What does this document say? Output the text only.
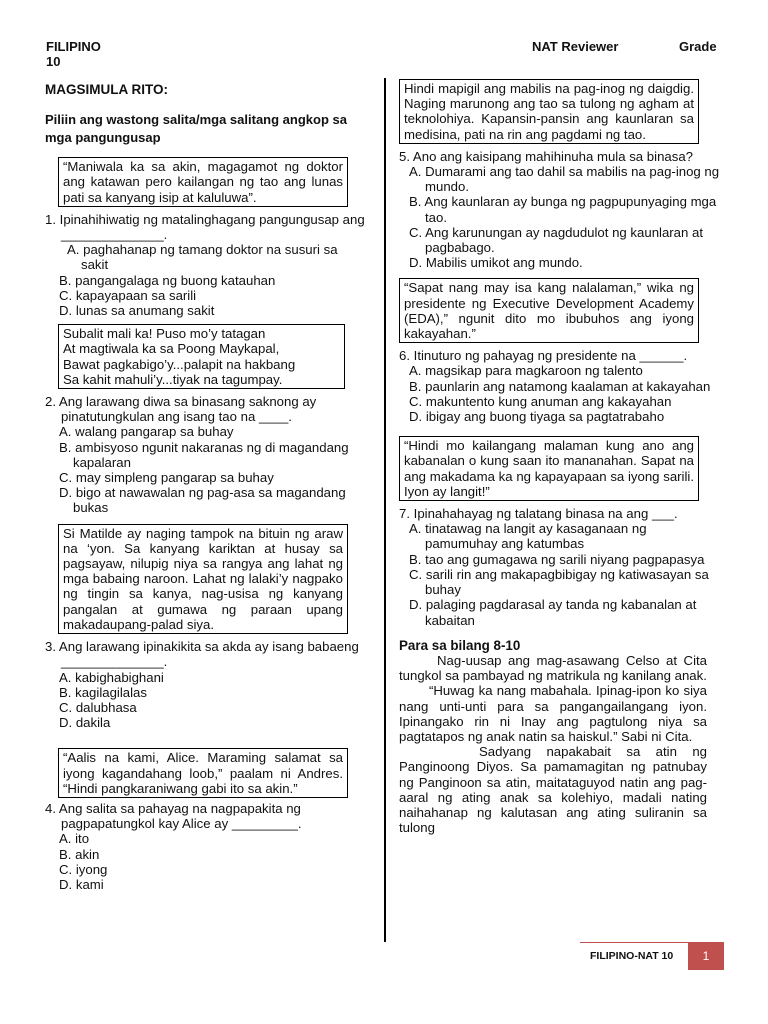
FILIPINO
10
NAT Reviewer	Grade
MAGSIMULA RITO:
Piliin ang wastong salita/mga salitang angkop sa mga pangungusap
“Maniwala ka sa akin, magagamot ng doktor ang katawan pero kailangan ng tao ang lunas pati sa kanyang isip at kaluluwa”.
1. Ipinahihiwatig ng matalinghagang pangungusap ang ______________.
A. paghahanap ng tamang doktor na susuri sa sakit
B. pangangalaga ng buong katauhan
C. kapayapaan sa sarili
D. lunas sa anumang sakit
Subalit mali ka! Puso mo’y tatagan
At magtiwala ka sa Poong Maykapal,
Bawat pagkabigo’y...palapit na hakbang
Sa kahit mahuli’y...tiyak na tagumpay.
2. Ang larawang diwa sa binasang saknong ay pinatutungkulan ang isang tao na ____.
A. walang pangarap sa buhay
B. ambisyoso ngunit nakaranas ng di magandang kapalaran
C. may simpleng pangarap sa buhay
D. bigo at nawawalan ng pag-asa sa magandang bukas
Si Matilde ay naging tampok na bituin ng araw na ‘yon. Sa kanyang kariktan at husay sa pagsayaw, nilupig niya sa rangya ang lahat ng mga babaing naroon. Lahat ng lalaki’y nagpako ng tingin sa kanya, nag-usisa ng kanyang pangalan at gumawa ng paraan upang makadaupang-palad siya.
3. Ang larawang ipinakikita sa akda ay isang babaeng ______________.
A. kabighabighani
B. kagilagilalas
C. dalubhasa
D. dakila
“Aalis na kami, Alice. Maraming salamat sa iyong kagandahang loob,” paalam ni Andres. “Hindi pangkaraniwang gabi ito sa akin.”
4. Ang salita sa pahayag na nagpapakita ng pagpapatungkol kay Alice ay _________.
A. ito
B. akin
C. iyong
D. kami
Hindi mapigil ang mabilis na pag-inog ng daigdig. Naging marunong ang tao sa tulong ng agham at teknolohiya. Kapansin-pansin ang kaunlaran sa medisina, pati na rin ang pagdami ng tao.
5. Ano ang kaisipang mahihinuha mula sa binasa?
A. Dumarami ang tao dahil sa mabilis na pag-inog ng mundo.
B. Ang kaunlaran ay bunga ng pagpupunyaging mga tao.
C. Ang karunungan ay nagdudulot ng kaunlaran at pagbabago.
D. Mabilis umikot ang mundo.
“Sapat nang may isa kang nalalaman,” wika ng presidente ng Executive Development Academy (EDA),” ngunit dito mo ibubuhos ang iyong kakayahan.”
6. Itinuturo ng pahayag ng presidente na ______.
A. magsikap para magkaroon ng talento
B. paunlarin ang natamong kaalaman at kakayahan
C. makuntento kung anuman ang kakayahan
D. ibigay ang buong tiyaga sa pagtatrabaho
“Hindi mo kailangang malaman kung ano ang kabanalan o kung saan ito mananahan. Sapat na ang makadama ka ng kapayapaan sa iyong sarili. Iyon ay langit!”
7. Ipinahahayag ng talatang binasa na ang ___.
A. tinatawag na langit ay kasaganaan ng pamumuhay ang katumbas
B. tao ang gumagawa ng sarili niyang pagpapasya
C. sarili rin ang makapagbibigay ng katiwasayan sa buhay
D. palaging pagdarasal ay tanda ng kabanalan at kabaitan
Para sa bilang 8-10

Nag-uusap ang mag-asawang Celso at Cita tungkol sa pambayad ng matrikula ng kanilang anak.

“Huwag ka nang mabahala. Ipinag-ipon ko siya nang unti-unti para sa pangangailangang iyon. Ipinangako rin ni Inay ang pagtulong niya sa pagtatapos ng anak natin sa haiskul.” Sabi ni Cita.

Sadyang napakabait sa atin ng Panginoong Diyos. Sa pamamagitan ng patnubay ng Panginoon sa atin, maitataguyod natin ang pag-aaral ng ating anak sa kolehiyo, madali nating naihahanap ng kalutasan ang ating suliranin sa tulong

FILIPINO-NAT 10	1
